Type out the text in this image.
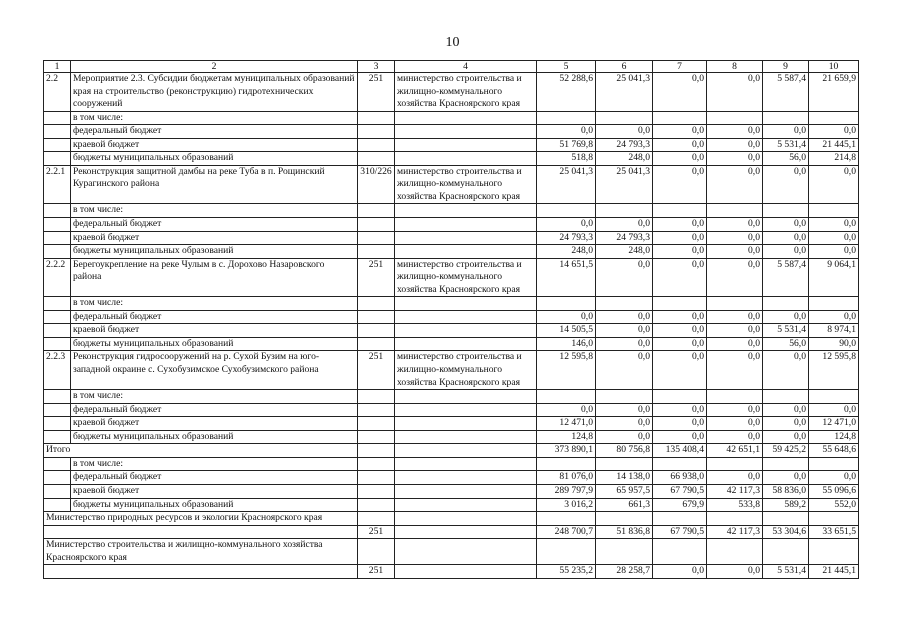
10
1	2	3	4	5	6	7	8	9	10
2.2	Мероприятие 2.3. Субсидии бюджетам муниципальных образований края на строительство (реконструкцию) гидротехнических сооружений	251	министерство строительства и жилищно-коммунального хозяйства Красноярского края	52 288,6	25 041,3	0,0	0,0	5 587,4	21 659,9
	в том числе:								
	федеральный бюджет			0,0	0,0	0,0	0,0	0,0	0,0
	краевой бюджет			51 769,8	24 793,3	0,0	0,0	5 531,4	21 445,1
	бюджеты муниципальных образований			518,8	248,0	0,0	0,0	56,0	214,8
2.2.1	Реконструкция защитной дамбы на реке Туба в п. Рощинский Курагинского района	310/226	министерство строительства и жилищно-коммунального хозяйства Красноярского края	25 041,3	25 041,3	0,0	0,0	0,0	0,0
	в том числе:								
	федеральный бюджет			0,0	0,0	0,0	0,0	0,0	0,0
	краевой бюджет			24 793,3	24 793,3	0,0	0,0	0,0	0,0
	бюджеты муниципальных образований			248,0	248,0	0,0	0,0	0,0	0,0
2.2.2	Берегоукрепление на реке Чулым в с. Дорохово Назаровского района	251	министерство строительства и жилищно-коммунального хозяйства Красноярского края	14 651,5	0,0	0,0	0,0	5 587,4	9 064,1
	в том числе:								
	федеральный бюджет			0,0	0,0	0,0	0,0	0,0	0,0
	краевой бюджет			14 505,5	0,0	0,0	0,0	5 531,4	8 974,1
	бюджеты муниципальных образований			146,0	0,0	0,0	0,0	56,0	90,0
2.2.3	Реконструкция гидросооружений на р. Сухой Бузим на юго-западной окраине с. Сухобузимское Сухобузимского района	251	министерство строительства и жилищно-коммунального хозяйства Красноярского края	12 595,8	0,0	0,0	0,0	0,0	12 595,8
	в том числе:								
	федеральный бюджет			0,0	0,0	0,0	0,0	0,0	0,0
	краевой бюджет			12 471,0	0,0	0,0	0,0	0,0	12 471,0
	бюджеты муниципальных образований			124,8	0,0	0,0	0,0	0,0	124,8
Итого				373 890,1	80 756,8	135 408,4	42 651,1	59 425,2	55 648,6
	в том числе:								
	федеральный бюджет			81 076,0	14 138,0	66 938,0	0,0	0,0	0,0
	краевой бюджет			289 797,9	65 957,5	67 790,5	42 117,3	58 836,0	55 096,6
	бюджеты муниципальных образований			3 016,2	661,3	679,9	533,8	589,2	552,0
Министерство природных ресурсов и экологии Красноярского края									
		251		248 700,7	51 836,8	67 790,5	42 117,3	53 304,6	33 651,5
Министерство строительства и жилищно-коммунального хозяйства Красноярского края									
		251		55 235,2	28 258,7	0,0	0,0	5 531,4	21 445,1
